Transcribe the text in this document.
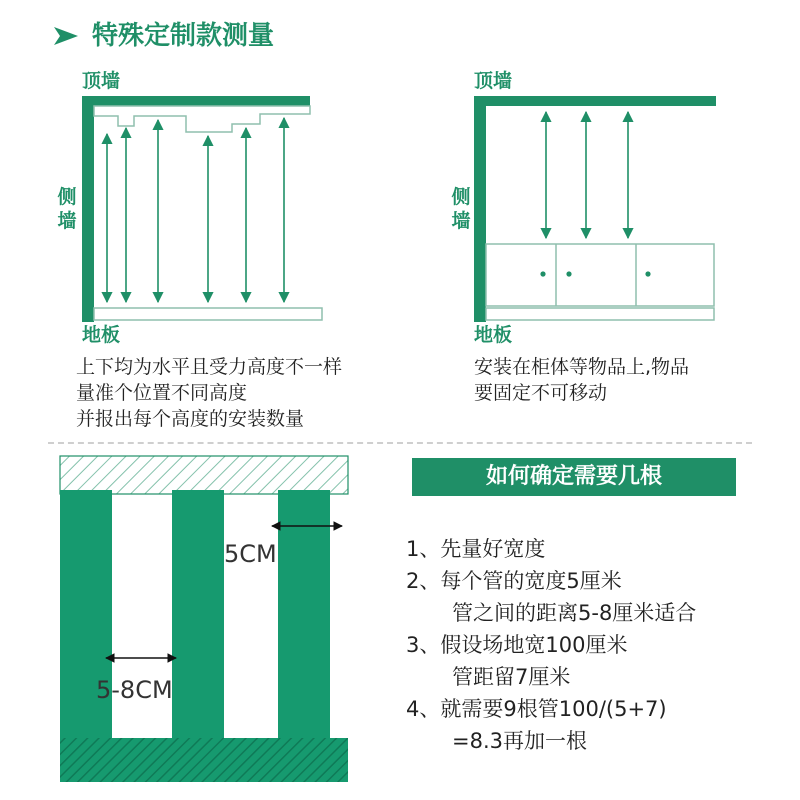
特殊定制款测量
顶墙
侧
墙
地板
上下均为水平且受力高度不一样
量准个位置不同高度
并报出每个高度的安装数量
顶墙
侧
墙
地板
安装在柜体等物品上,物品
要固定不可移动
5CM
5-8CM
如何确定需要几根
1、先量好宽度
2、每个管的宽度5厘米
管之间的距离5-8厘米适合
3、假设场地宽100厘米
管距留7厘米
4、就需要9根管100/(5+7)
=8.3再加一根
